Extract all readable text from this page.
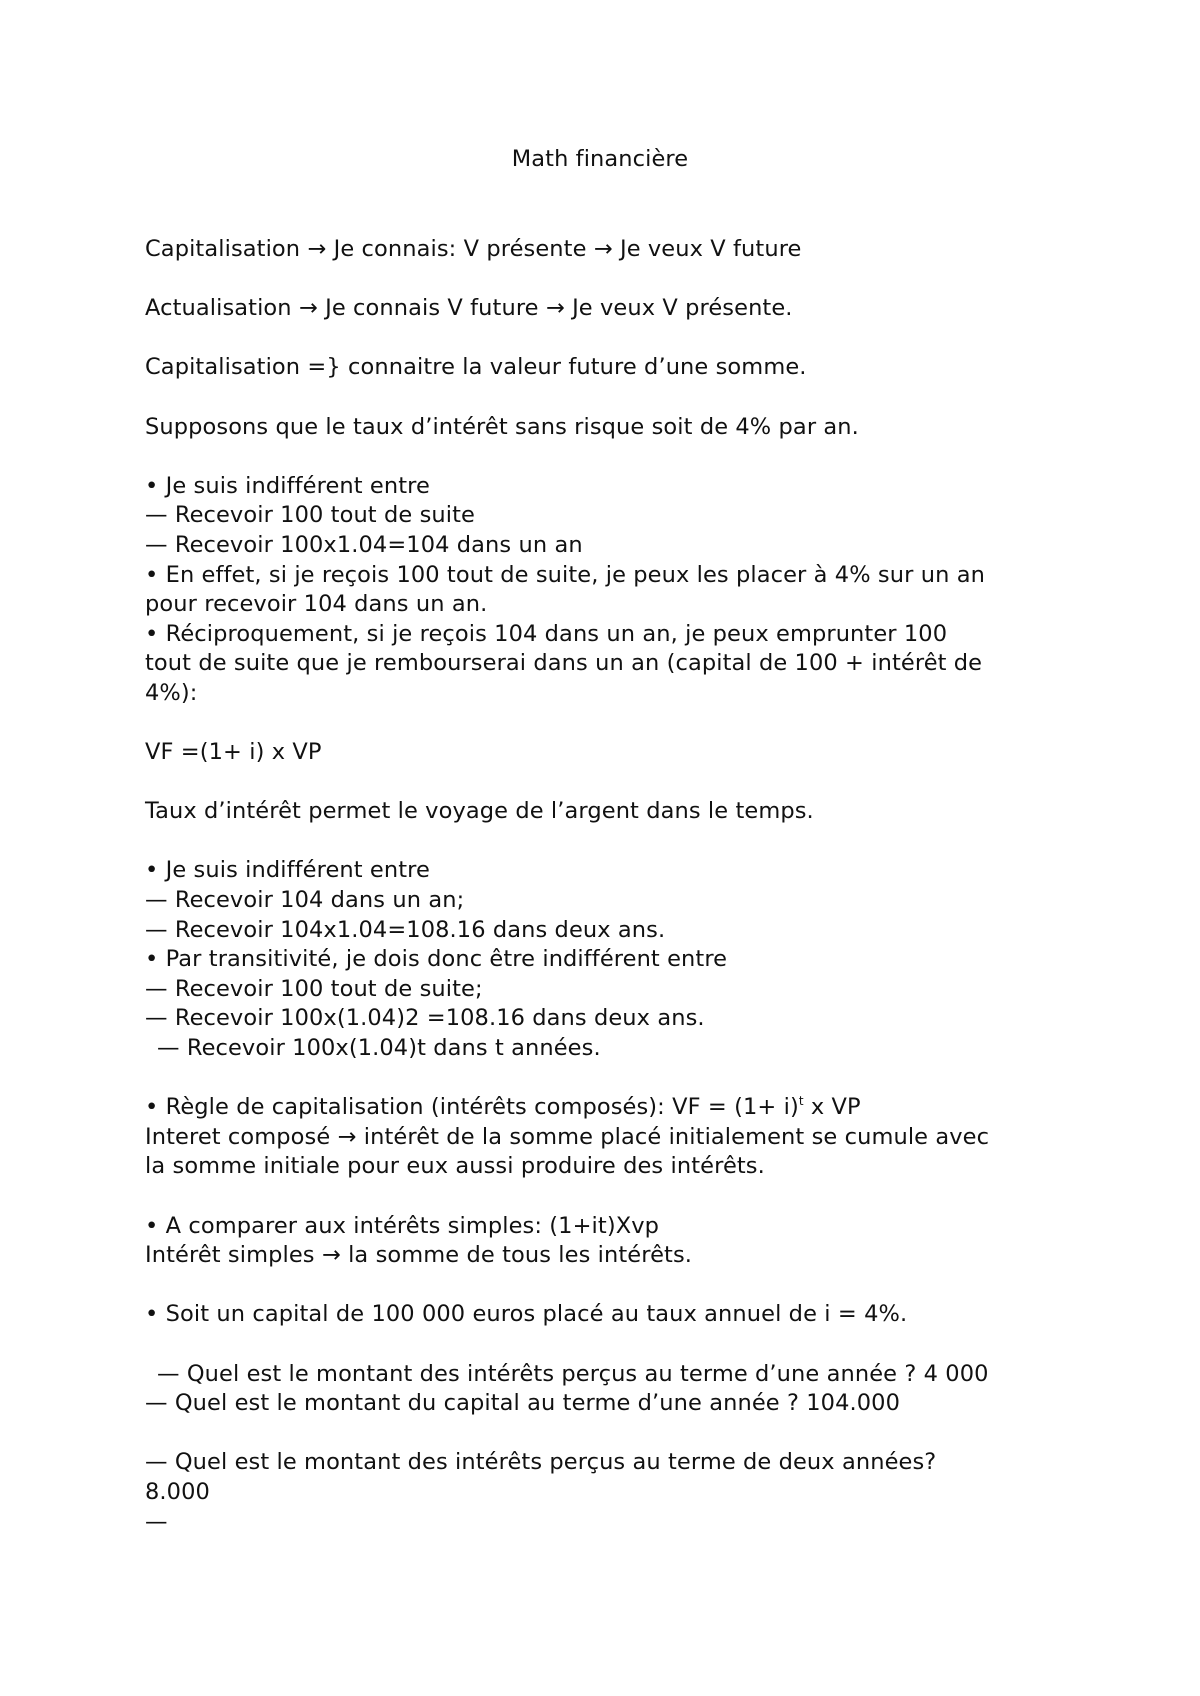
Math financière
Capitalisation → Je connais: V présente → Je veux V future
Actualisation → Je connais V future → Je veux V présente.
Capitalisation =} connaitre la valeur future d’une somme.
Supposons que le taux d’intérêt sans risque soit de 4% par an.
• Je suis indifférent entre
— Recevoir 100 tout de suite
— Recevoir 100x1.04=104 dans un an
• En effet, si je reçois 100 tout de suite, je peux les placer à 4% sur un an
pour recevoir 104 dans un an.
• Réciproquement, si je reçois 104 dans un an, je peux emprunter 100
tout de suite que je rembourserai dans un an (capital de 100 + intérêt de
4%):
VF =(1+ i) x VP
Taux d’intérêt permet le voyage de l’argent dans le temps.
• Je suis indifférent entre
— Recevoir 104 dans un an;
— Recevoir 104x1.04=108.16 dans deux ans.
• Par transitivité, je dois donc être indifférent entre
— Recevoir 100 tout de suite;
— Recevoir 100x(1.04)2 =108.16 dans deux ans.
— Recevoir 100x(1.04)t dans t années.
• Règle de capitalisation (intérêts composés): VF = $(1+ i)^t$ x VP
Interet composé → intérêt de la somme placé initialement se cumule avec
la somme initiale pour eux aussi produire des intérêts.
• A comparer aux intérêts simples: (1+it)Xvp
Intérêt simples → la somme de tous les intérêts.
• Soit un capital de 100 000 euros placé au taux annuel de i = 4%.
— Quel est le montant des intérêts perçus au terme d’une année ? 4 000
— Quel est le montant du capital au terme d’une année ? 104.000
— Quel est le montant des intérêts perçus au terme de deux années?
8.000
—
